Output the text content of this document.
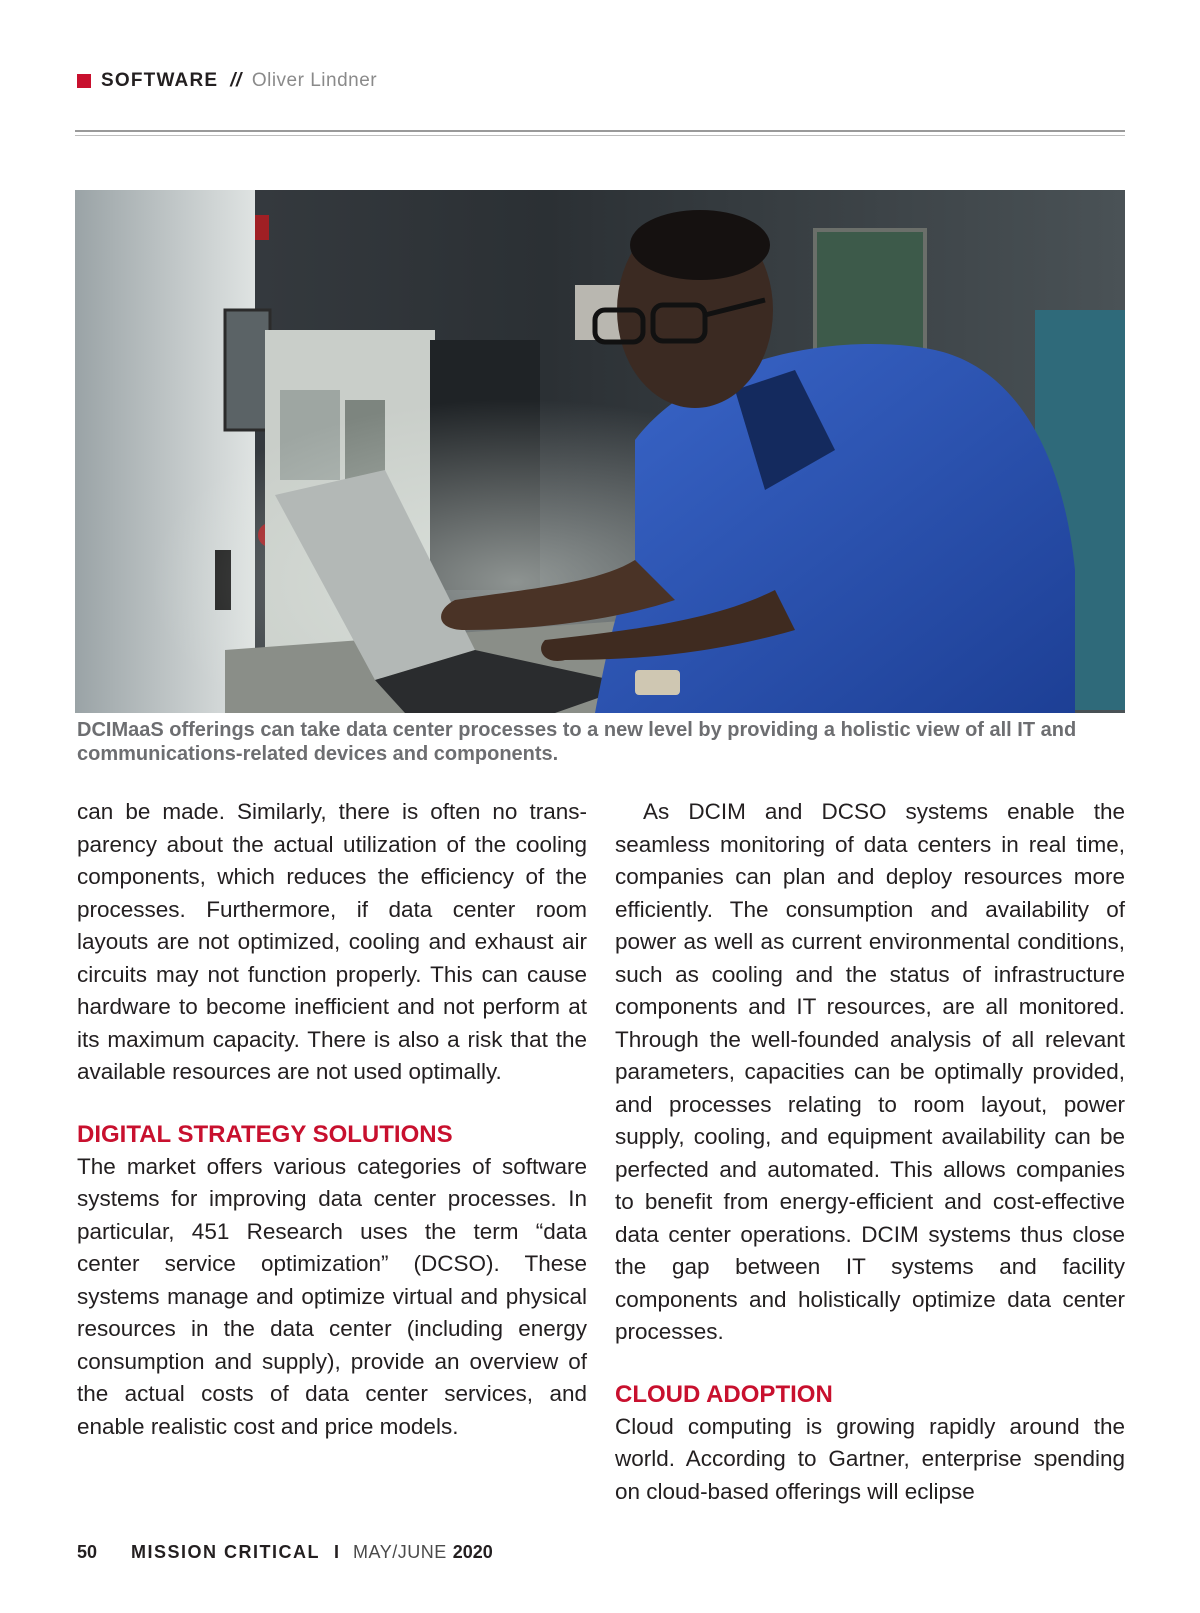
SOFTWARE // Oliver Lindner
DCIMaaS offerings can take data center processes to a new level by providing a holistic view of all IT and communications-related devices and components.

can be made. Similarly, there is often no transparency about the actual utilization of the cooling components, which reduces the efficiency of the processes. Furthermore, if data center room layouts are not optimized, cooling and exhaust air circuits may not function properly. This can cause hardware to become inefficient and not perform at its maximum capacity. There is also a risk that the available resources are not used optimally.

DIGITAL STRATEGY SOLUTIONS

The market offers various categories of software systems for improving data center processes. In particular, 451 Research uses the term “data center service optimization” (DCSO). These systems manage and optimize virtual and physical resources in the data center (including energy consumption and supply), provide an overview of the actual costs of data center services, and enable realistic cost and price models.

As DCIM and DCSO systems enable the seamless monitoring of data centers in real time, companies can plan and deploy resources more efficiently. The consumption and availability of power as well as current environmental conditions, such as cooling and the status of infrastructure components and IT resources, are all monitored. Through the well-founded analysis of all relevant parameters, capacities can be optimally provided, and processes relating to room layout, power supply, cooling, and equipment availability can be perfected and automated. This allows companies to benefit from energy-efficient and cost-effective data center operations. DCIM systems thus close the gap between IT systems and facility components and holistically optimize data center processes.

CLOUD ADOPTION

Cloud computing is growing rapidly around the world. According to Gartner, enterprise spending on cloud-based offerings will eclipse

50 MISSION CRITICAL I MAY/JUNE 2020
